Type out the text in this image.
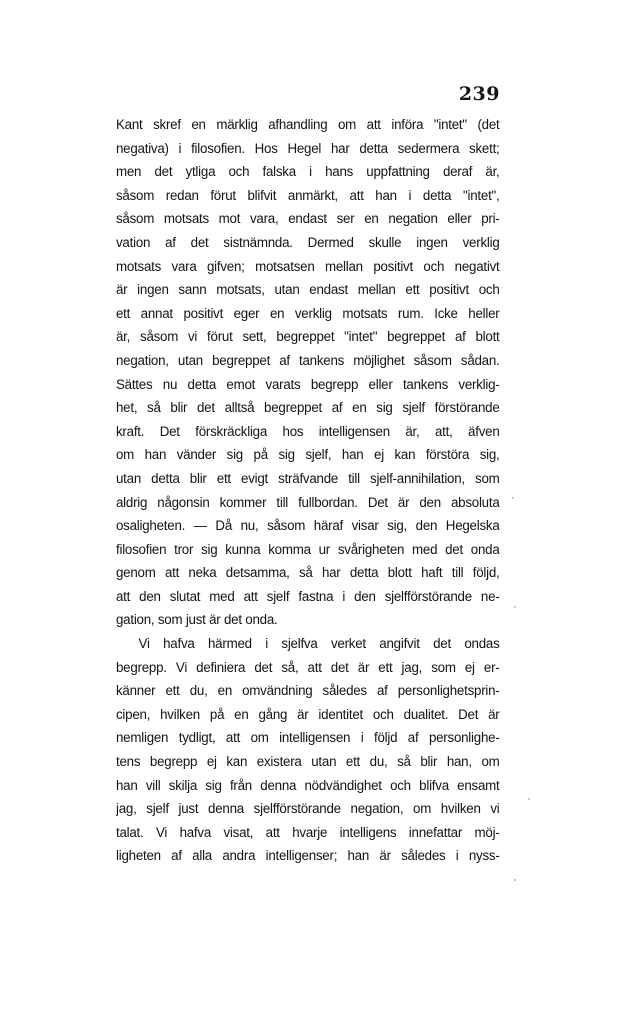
239
Kant skref en märklig afhandling om att införa "intet" (det
negativa) i filosofien. Hos Hegel har detta sedermera skett;
men det ytliga och falska i hans uppfattning deraf är,
såsom redan förut blifvit anmärkt, att han i detta "intet",
såsom motsats mot vara, endast ser en negation eller pri-
vation af det sistnämnda. Dermed skulle ingen verklig
motsats vara gifven; motsatsen mellan positivt och negativt
är ingen sann motsats, utan endast mellan ett positivt och
ett annat positivt eger en verklig motsats rum. Icke heller
är, såsom vi förut sett, begreppet "intet" begreppet af blott
negation, utan begreppet af tankens möjlighet såsom sådan.
Sättes nu detta emot varats begrepp eller tankens verklig-
het, så blir det alltså begreppet af en sig sjelf förstörande
kraft. Det förskräckliga hos intelligensen är, att, äfven
om han vänder sig på sig sjelf, han ej kan förstöra sig,
utan detta blir ett evigt sträfvande till sjelf-annihilation, som
aldrig någonsin kommer till fullbordan. Det är den absoluta
osaligheten. — Då nu, såsom häraf visar sig, den Hegelska
filosofien tror sig kunna komma ur svårigheten med det onda
genom att neka detsamma, så har detta blott haft till följd,
att den slutat med att sjelf fastna i den sjelfförstörande ne-
gation, som just är det onda.
Vi hafva härmed i sjelfva verket angifvit det ondas
begrepp. Vi definiera det så, att det är ett jag, som ej er-
känner ett du, en omvändning således af personlighetsprin-
cipen, hvilken på en gång är identitet och dualitet. Det är
nemligen tydligt, att om intelligensen i följd af personlighe-
tens begrepp ej kan existera utan ett du, så blir han, om
han vill skilja sig från denna nödvändighet och blifva ensamt
jag, sjelf just denna sjelfförstörande negation, om hvilken vi
talat. Vi hafva visat, att hvarje intelligens innefattar möj-
ligheten af alla andra intelligenser; han är således i nyss-
